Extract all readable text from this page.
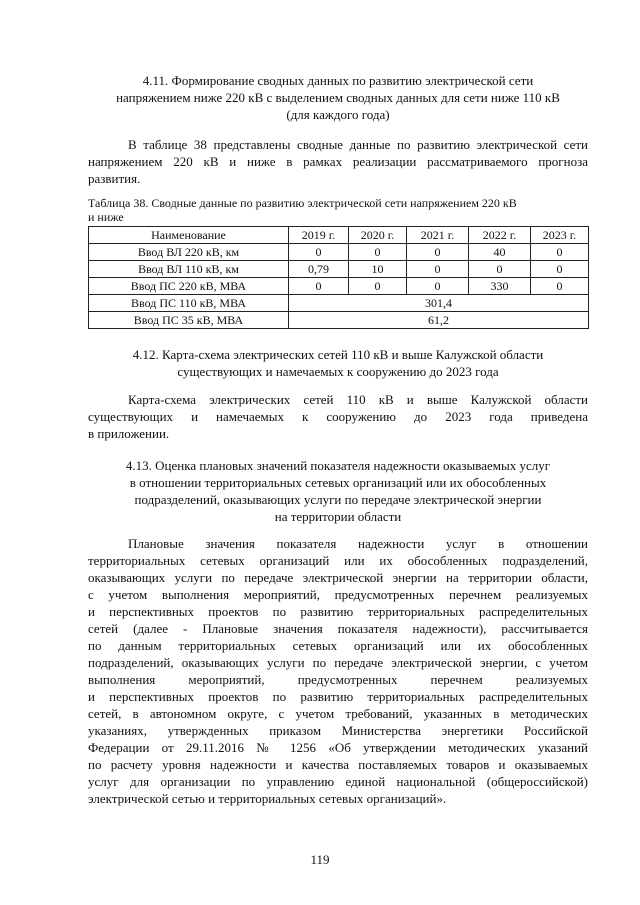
4.11. Формирование сводных данных по развитию электрической сети
напряжением ниже 220 кВ с выделением сводных данных для сети ниже 110 кВ
(для каждого года)
В таблице 38 представлены сводные данные по развитию электрической сети
напряжением 220 кВ и ниже в рамках реализации рассматриваемого прогноза
развития.
Таблица 38. Сводные данные по развитию электрической сети напряжением 220 кВ
и ниже
Наименование	2019 г.	2020 г.	2021 г.	2022 г.	2023 г.
Ввод ВЛ 220 кВ, км	0	0	0	40	0
Ввод ВЛ 110 кВ, км	0,79	10	0	0	0
Ввод ПС 220 кВ, МВА	0	0	0	330	0
Ввод ПС 110 кВ, МВА	301,4				
Ввод ПС 35 кВ, МВА	61,2				
4.12. Карта-схема электрических сетей 110 кВ и выше Калужской области
существующих и намечаемых к сооружению до 2023 года
Карта-схема электрических сетей 110 кВ и выше Калужской области
существующих и намечаемых к сооружению до 2023 года приведена
в приложении.
4.13. Оценка плановых значений показателя надежности оказываемых услуг
в отношении территориальных сетевых организаций или их обособленных
подразделений, оказывающих услуги по передаче электрической энергии
на территории области
Плановые значения показателя надежности услуг в отношении
территориальных сетевых организаций или их обособленных подразделений,
оказывающих услуги по передаче электрической энергии на территории области,
с учетом выполнения мероприятий, предусмотренных перечнем реализуемых
и перспективных проектов по развитию территориальных распределительных
сетей (далее - Плановые значения показателя надежности), рассчитывается
по данным территориальных сетевых организаций или их обособленных
подразделений, оказывающих услуги по передаче электрической энергии, с учетом
выполнения мероприятий, предусмотренных перечнем реализуемых
и перспективных проектов по развитию территориальных распределительных
сетей, в автономном округе, с учетом требований, указанных в методических
указаниях, утвержденных приказом Министерства энергетики Российской
Федерации от 29.11.2016 № 1256 «Об утверждении методических указаний
по расчету уровня надежности и качества поставляемых товаров и оказываемых
услуг для организации по управлению единой национальной (общероссийской)
электрической сетью и территориальных сетевых организаций».
119
